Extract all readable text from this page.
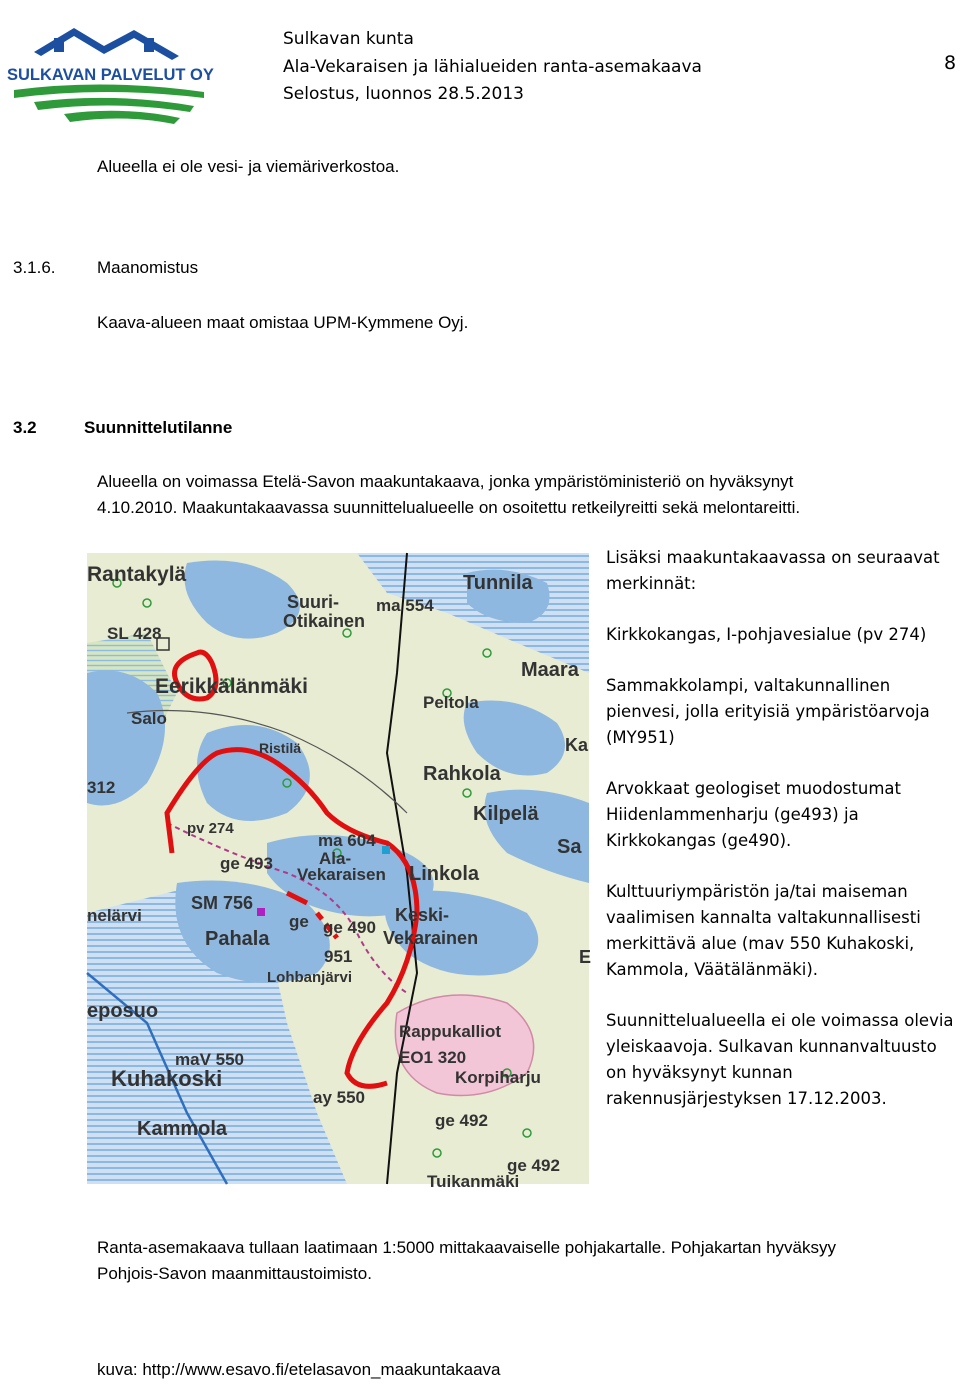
SULKAVAN PALVELUT OY
Sulkavan kunta
Ala-Vekaraisen ja lähialueiden ranta-asemakaava
Selostus, luonnos 28.5.2013
8
Alueella ei ole vesi- ja viemäriverkostoa.
3.1.6. Maanomistus
Kaava-alueen maat omistaa UPM-Kymmene Oyj.
3.2	Suunnittelutilanne
Alueella on voimassa Etelä-Savon maakuntakaava, jonka ympäristöministeriö on hyväksynyt
4.10.2010. Maakuntakaavassa suunnittelualueelle on osoitettu retkeilyreitti sekä melontareitti.
Rantakylä	Tunnila
Suuri-
Otikainen
ma 554
SL 428
Maara
Eerikkälänmäki
Peltola
Salo
Ka
Rahkola
312
Kilpelä
Ristilä
pv 274
ma 604	Sa
ge 493	Ala-
Vekaraisen Linkola
SM 756
ge ge 490
Keski-
Vekarainen
Pahala
951	E
Lohbanjärvi
eposuo
Rappukalliot
EO1 320
maV 550
Korpiharju
Kuhakoski
ay 550
Kammola	ge 492
ge 492
Tuikanmäki
nelärvi

Lisäksi maakuntakaavassa on seuraavat merkinnät:

Kirkkokangas, I-pohjavesialue (pv 274)

Sammakkolampi, valtakunnallinen pienvesi, jolla erityisiä ympäristöarvoja (MY951)

Arvokkaat geologiset muodostumat Hiidenlammenharju (ge493) ja Kirkkokangas (ge490).

Kulttuuriympäristön ja/tai maiseman vaalimisen kannalta valtakunnallisesti merkittävä alue (mav 550 Kuhakoski, Kammola, Väätälänmäki).

Suunnittelualueella ei ole voimassa olevia yleiskaavoja. Sulkavan kunnanvaltuusto on hyväksynyt kunnan rakennusjärjestyksen 17.12.2003.

Ranta-asemakaava tullaan laatimaan 1:5000 mittakaavaiselle pohjakartalle. Pohjakartan hyväksyy
Pohjois-Savon maanmittaustoimisto.
kuva: http://www.esavo.fi/etelasavon_maakuntakaava
